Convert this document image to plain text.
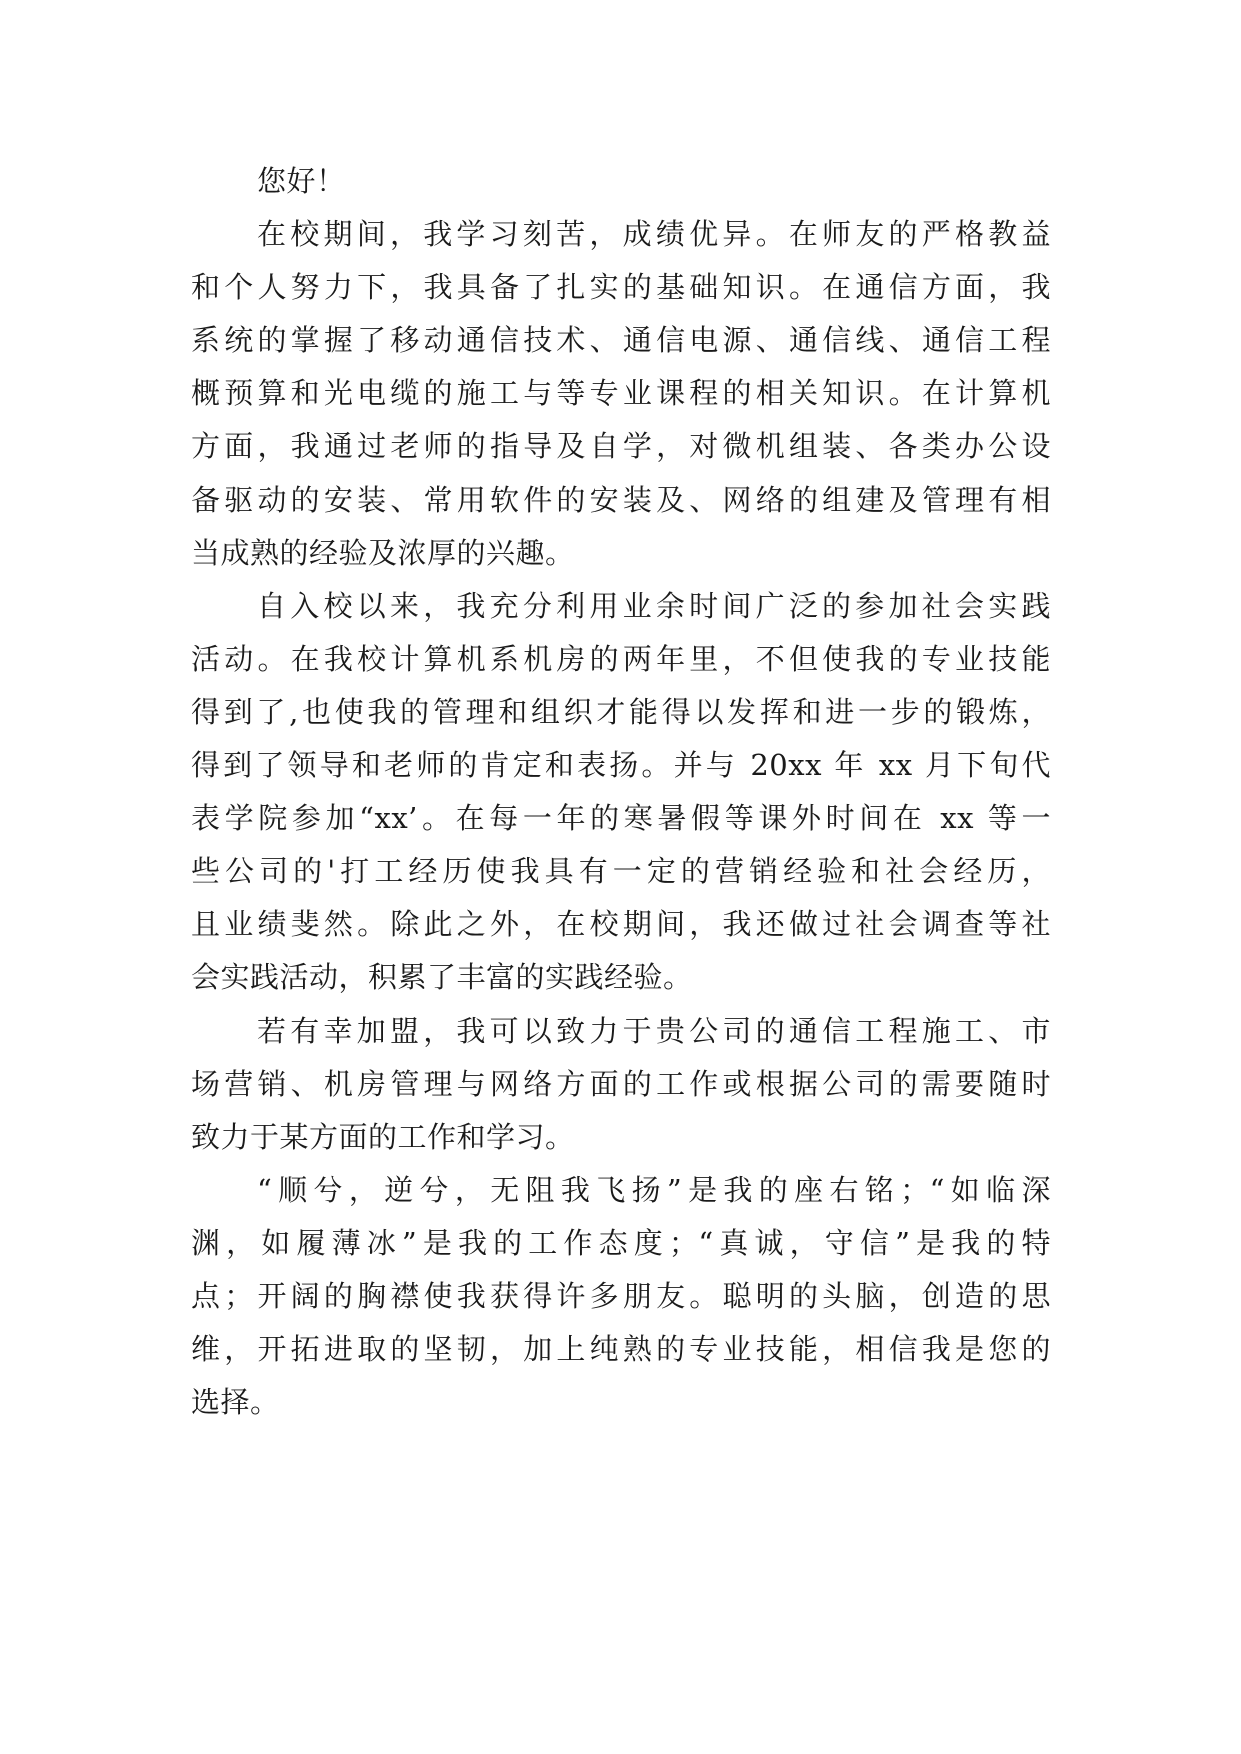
您好！
在校期间，我学习刻苦，成绩优异。在师友的严格教益
和个人努力下，我具备了扎实的基础知识。在通信方面，我
系统的掌握了移动通信技术、通信电源、通信线、通信工程
概预算和光电缆的施工与等专业课程的相关知识。在计算机
方面，我通过老师的指导及自学，对微机组装、各类办公设
备驱动的安装、常用软件的安装及、网络的组建及管理有相
当成熟的经验及浓厚的兴趣。
自入校以来，我充分利用业余时间广泛的参加社会实践
活动。在我校计算机系机房的两年里，不但使我的专业技能
得到了,也使我的管理和组织才能得以发挥和进一步的锻炼，
得到了领导和老师的肯定和表扬。并与 20xx 年 xx 月下旬代
表学院参加“xx’。在每一年的寒暑假等课外时间在 xx 等一
些公司的'打工经历使我具有一定的营销经验和社会经历，
且业绩斐然。除此之外，在校期间，我还做过社会调查等社
会实践活动，积累了丰富的实践经验。
若有幸加盟，我可以致力于贵公司的通信工程施工、市
场营销、机房管理与网络方面的工作或根据公司的需要随时
致力于某方面的工作和学习。
“顺兮，逆兮，无阻我飞扬”是我的座右铭；“如临深
渊，如履薄冰”是我的工作态度；“真诚，守信”是我的特
点；开阔的胸襟使我获得许多朋友。聪明的头脑，创造的思
维，开拓进取的坚韧，加上纯熟的专业技能，相信我是您的
选择。
